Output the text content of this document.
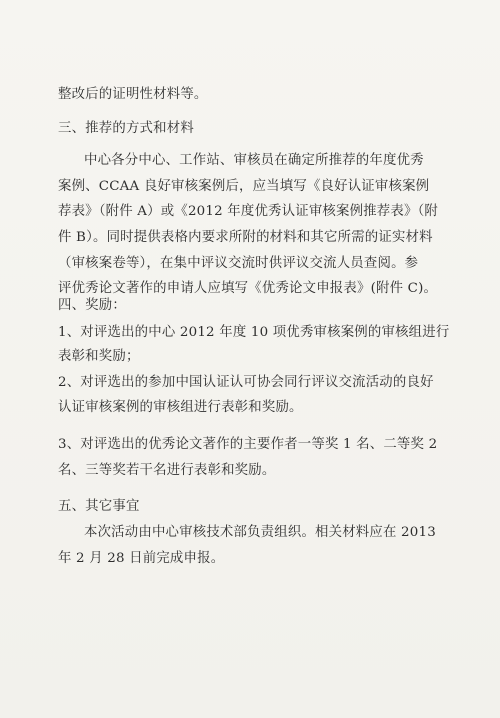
整改后的证明性材料等。
三、推荐的方式和材料
中心各分中心、工作站、审核员在确定所推荐的年度优秀
案例、CCAA 良好审核案例后，应当填写《良好认证审核案例
荐表》（附件 A）或《2012 年度优秀认证审核案例推荐表》（附
件 B）。同时提供表格内要求所附的材料和其它所需的证实材料
（审核案卷等），在集中评议交流时供评议交流人员查阅。参
评优秀论文著作的申请人应填写《优秀论文申报表》(附件 C)。
四、奖励：
1、对评选出的中心 2012 年度 10 项优秀审核案例的审核组进行
表彰和奖励；
2、对评选出的参加中国认证认可协会同行评议交流活动的良好
认证审核案例的审核组进行表彰和奖励。
3、对评选出的优秀论文著作的主要作者一等奖 1 名、二等奖 2
名、三等奖若干名进行表彰和奖励。
五、其它事宜
本次活动由中心审核技术部负责组织。相关材料应在 2013
年 2 月 28 日前完成申报。
